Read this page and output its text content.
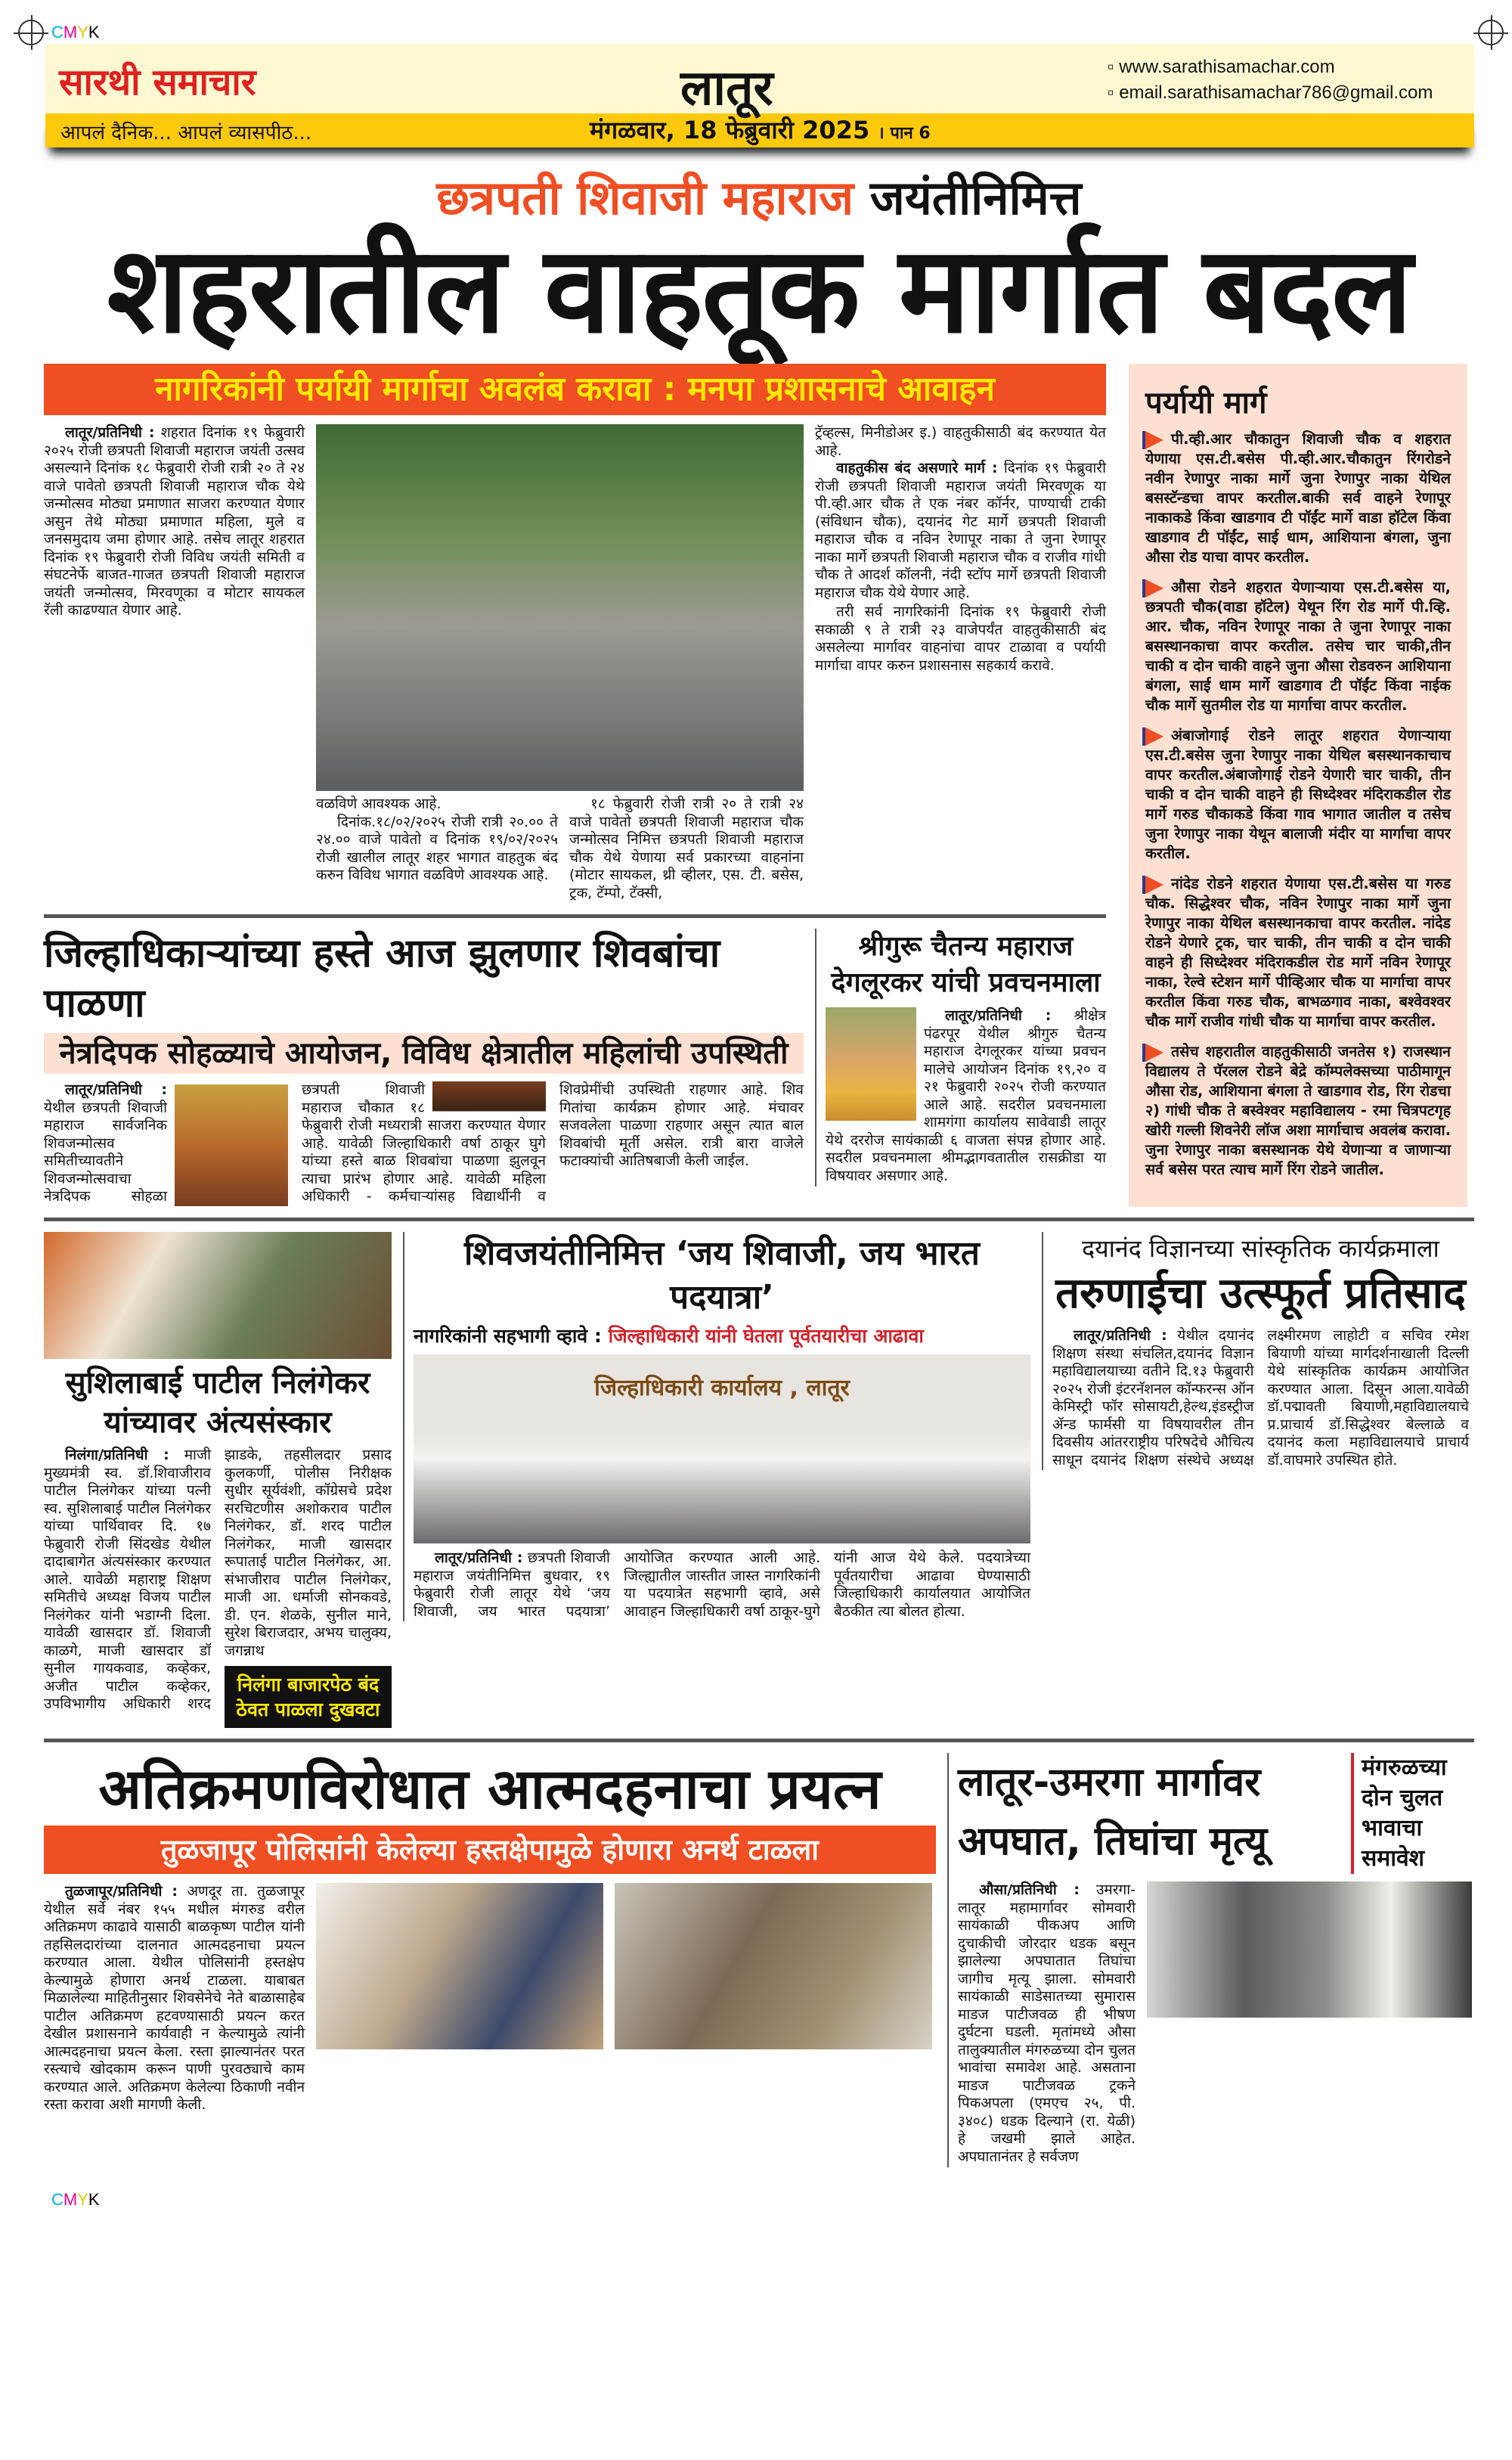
CMYK
सारथी समाचार	लातूर	▫ www.sarathisamachar.com
▫ email.sarathisamachar786@gmail.com
आपलं दैनिक... आपलं व्यासपीठ...	मंगळवार, 18 फेब्रुवारी 2025 । पान 6
छत्रपती शिवाजी महाराज जयंतीनिमित्त
शहरातील वाहतूक मार्गात बदल
नागरिकांनी पर्यायी मार्गाचा अवलंब करावा : मनपा प्रशासनाचे आवाहन

लातूर/प्रतिनिधी : शहरात दिनांक १९ फेब्रुवारी २०२५ रोजी छत्रपती शिवाजी महाराज जयंती उत्सव असल्याने दिनांक १८ फेब्रुवारी रोजी रात्री २० ते २४ वाजे पावेतो छत्रपती शिवाजी महाराज चौक येथे जन्मोत्सव मोठ्या प्रमाणात साजरा करण्यात येणार असुन तेथे मोठ्या प्रमाणात महिला, मुले व जनसमुदाय जमा होणार आहे. तसेच लातूर शहरात दिनांक १९ फेब्रुवारी रोजी विविध जयंती समिती व संघटनेर्फे बाजत-गाजत छत्रपती शिवाजी महाराज जयंती जन्मोत्सव, मिरवणूका व मोटार सायकल रॅली काढण्यात येणार आहे.

वळविणे आवश्यक आहे.

दिनांक.१८/०२/२०२५ रोजी रात्री २०.०० ते २४.०० वाजे पावेतो व दिनांक १९/०२/२०२५ रोजी खालील लातूर शहर भागात वाहतुक बंद करुन विविध भागात वळविणे आवश्यक आहे.

१८ फेब्रुवारी रोजी रात्री २० ते रात्री २४ वाजे पावेतो छत्रपती शिवाजी महाराज चौक जन्मोत्सव निमित्त छत्रपती शिवाजी महाराज चौक येथे येणाया सर्व प्रकारच्या वाहनांना (मोटार सायकल, थ्री व्हीलर, एस. टी. बसेस, ट्रक, टॅम्पो, टॅक्सी,

ट्रॅव्हल्स, मिनीडोअर इ.) वाहतुकीसाठी बंद करण्यात येत आहे.

वाहतुकीस बंद असणारे मार्ग : दिनांक १९ फेब्रुवारी रोजी छत्रपती शिवाजी महाराज जयंती मिरवणूक या पी.व्ही.आर चौक ते एक नंबर कॉर्नर, पाण्याची टाकी (संविधान चौक), दयानंद गेट मार्गे छत्रपती शिवाजी महाराज चौक व नविन रेणापूर नाका ते जुना रेणापूर नाका मार्गे छत्रपती शिवाजी महाराज चौक व राजीव गांधी चौक ते आदर्श कॉलनी, नंदी स्टॉप मार्गे छत्रपती शिवाजी महाराज चौक येथे येणार आहे.

तरी सर्व नागरिकांनी दिनांक १९ फेब्रुवारी रोजी सकाळी ९ ते रात्री २३ वाजेपर्यंत वाहतुकीसाठी बंद असलेल्या मार्गावर वाहनांचा वापर टाळावा व पर्यायी मार्गाचा वापर करुन प्रशासनास सहकार्य करावे.

जिल्हाधिकाऱ्यांच्या हस्ते आज झुलणार शिवबांचा पाळणा
नेत्रदिपक सोहळ्याचे आयोजन, विविध क्षेत्रातील महिलांची उपस्थिती

लातूर/प्रतिनिधी : येथील छत्रपती शिवाजी महाराज सार्वजनिक शिवजन्मोत्सव समितीच्यावतीने शिवजन्मोत्सवाचा नेत्रदिपक सोहळा छत्रपती शिवाजी महाराज चौकात १८ फेब्रुवारी रोजी मध्यरात्री साजरा करण्यात येणार आहे. यावेळी जिल्हाधिकारी वर्षा ठाकूर घुगे यांच्या हस्ते बाळ शिवबांचा पाळणा झुलवून त्याचा प्रारंभ होणार आहे. यावेळी महिला अधिकारी - कर्मचाऱ्यांसह विद्यार्थीनी व शिवप्रेमींची उपस्थिती राहणार आहे. शिव गितांचा कार्यक्रम होणार आहे. मंचावर सजवलेला पाळणा राहणार असून त्यात बाल शिवबांची मूर्ती असेल. रात्री बारा वाजेले फटाक्यांची आतिषबाजी केली जाईल.

श्रीगुरू चैतन्य महाराज देगलूरकर यांची प्रवचनमाला

लातूर/प्रतिनिधी : श्रीक्षेत्र पंढरपूर येथील श्रीगुरु चैतन्य महाराज देगलूरकर यांच्या प्रवचन मालेचे आयोजन दिनांक १९,२० व २१ फेब्रुवारी २०२५ रोजी करण्यात आले आहे. सदरील प्रवचनमाला शामगंगा कार्यालय सावेवाडी लातूर येथे दररोज सायंकाळी ६ वाजता संपन्न होणार आहे. सदरील प्रवचनमाला श्रीमद्भागवतातील रासक्रीडा या विषयावर असणार आहे.

पर्यायी मार्ग

पी.व्ही.आर चौकातुन शिवाजी चौक व शहरात येणाया एस.टी.बसेस पी.व्ही.आर.चौकातुन रिंगरोडने नवीन रेणापुर नाका मार्गे जुना रेणापुर नाका येथिल बसस्टॅन्डचा वापर करतील.बाकी सर्व वाहने रेणापूर नाकाकडे किंवा खाडगाव टी पॉईंट मार्गे वाडा हॉटेल किंवा खाडगाव टी पॉईंट, साई धाम, आशियाना बंगला, जुना औसा रोड याचा वापर करतील.

औसा रोडने शहरात येणाऱ्याया एस.टी.बसेस या, छत्रपती चौक(वाडा हॉटेल) येथून रिंग रोड मार्गे पी.व्हि. आर. चौक, नविन रेणापूर नाका ते जुना रेणापूर नाका बसस्थानकाचा वापर करतील. तसेच चार चाकी,तीन चाकी व दोन चाकी वाहने जुना औसा रोडवरुन आशियाना बंगला, साई धाम मार्गे खाडगाव टी पॉईंट किंवा नाईक चौक मार्गे सुतमील रोड या मार्गाचा वापर करतील.

अंबाजोगाई रोडने लातूर शहरात येणाऱ्याया एस.टी.बसेस जुना रेणापुर नाका येथिल बसस्थानकाचाच वापर करतील.अंबाजोगाई रोडने येणारी चार चाकी, तीन चाकी व दोन चाकी वाहने ही सिध्देश्वर मंदिराकडील रोड मार्गे गरुड चौकाकडे किंवा गाव भागात जातील व तसेच जुना रेणापुर नाका येथून बालाजी मंदीर या मार्गाचा वापर करतील.

नांदेड रोडने शहरात येणाया एस.टी.बसेस या गरुड चौक. सिद्धेश्वर चौक, नविन रेणापुर नाका मार्गे जुना रेणापुर नाका येथिल बसस्थानकाचा वापर करतील. नांदेड रोडने येणारे ट्रक, चार चाकी, तीन चाकी व दोन चाकी वाहने ही सिध्देश्वर मंदिराकडील रोड मार्गे नविन रेणापूर नाका, रेल्वे स्टेशन मार्गे पीव्हिआर चौक या मार्गाचा वापर करतील किंवा गरुड चौक, बाभळगाव नाका, बश्वेवश्वर चौक मार्गे राजीव गांधी चौक या मार्गाचा वापर करतील.

तसेच शहरातील वाहतुकीसाठी जनतेस १) राजस्थान विद्यालय ते पॅरलल रोडने बेद्रे कॉम्पलेक्सच्या पाठीमागून औसा रोड, आशियाना बंगला ते खाडगाव रोड, रिंग रोडचा २) गांधी चौक ते बस्वेश्वर महाविद्यालय - रमा चित्रपटगृह खोरी गल्ली शिवनेरी लॉज अशा मार्गाचाच अवलंब करावा. जुना रेणापुर नाका बसस्थानक येथे येणाऱ्या व जाणाऱ्या सर्व बसेस परत त्याच मार्गे रिंग रोडने जातील.

सुशिलाबाई पाटील निलंगेकर यांच्यावर अंत्यसंस्कार

निलंगा/प्रतिनिधी : माजी मुख्यमंत्री स्व. डॉ.शिवाजीराव पाटील निलंगेकर यांच्या पत्नी स्व. सुशिलाबाई पाटील निलंगेकर यांच्या पार्थिवावर दि. १७ फेब्रुवारी रोजी सिंदखेड येथील दादाबागेत अंत्यसंस्कार करण्यात आले. यावेळी महाराष्ट्र शिक्षण समितीचे अध्यक्ष विजय पाटील निलंगेकर यांनी भडाग्नी दिला. यावेळी खासदार डॉ. शिवाजी काळगे, माजी खासदार डॉ सुनील गायकवाड, कव्हेकर, अजीत पाटील कव्हेकर, उपविभागीय अधिकारी शरद झाडके, तहसीलदार प्रसाद कुलकर्णी, पोलीस निरीक्षक सुधीर सूर्यवंशी, कॉग्रेसचे प्रदेश सरचिटणीस अशोकराव पाटील निलंगेकर, डॉ. शरद पाटील निलंगेकर, माजी खासदार रूपाताई पाटील निलंगेकर, आ. संभाजीराव पाटील निलंगेकर, माजी आ. धर्माजी सोनकवडे, डी. एन. शेळके, सुनील माने, सुरेश बिराजदार, अभय चालुक्य, जगन्नाथ

निलंगा बाजारपेठ बंद ठेवत पाळला दुखवटा
शिवजयंतीनिमित्त ‘जय शिवाजी, जय भारत पदयात्रा’
नागरिकांनी सहभागी व्हावे : जिल्हाधिकारी यांनी घेतला पूर्वतयारीचा आढावा
जिल्हाधिकारी कार्यालय , लातूर

लातूर/प्रतिनिधी : छत्रपती शिवाजी महाराज जयंतीनिमित्त बुधवार, १९ फेब्रुवारी रोजी लातूर येथे ‘जय शिवाजी, जय भारत पदयात्रा’ आयोजित करण्यात आली आहे. जिल्ह्यातील जास्तीत जास्त नागरिकांनी या पदयात्रेत सहभागी व्हावे, असे आवाहन जिल्हाधिकारी वर्षा ठाकूर-घुगे यांनी आज येथे केले. पदयात्रेच्या पूर्वतयारीचा आढावा घेण्यासाठी जिल्हाधिकारी कार्यालयात आयोजित बैठकीत त्या बोलत होत्या.

दयानंद विज्ञानच्या सांस्कृतिक कार्यक्रमाला
तरुणाईचा उत्स्फूर्त प्रतिसाद

लातूर/प्रतिनिधी : येथील दयानंद शिक्षण संस्था संचलित,दयानंद विज्ञान महाविद्यालयाच्या वतीने दि.१३ फेब्रुवारी २०२५ रोजी इंटरनॅशनल कॉन्फरन्स ऑन केमिस्ट्री फॉर सोसायटी,हेल्थ,इंडस्ट्रीज ॲन्ड फार्मसी या विषयावरील तीन दिवसीय आंतरराष्ट्रीय परिषदेचे औचित्य साधून दयानंद शिक्षण संस्थेचे अध्यक्ष लक्ष्मीरमण लाहोटी व सचिव रमेश बियाणी यांच्या मार्गदर्शनाखाली दिल्ली येथे सांस्कृतिक कार्यक्रम आयोजित करण्यात आला. दिसून आला.यावेळी डॉ.पद्मावती बियाणी,महाविद्यालयाचे प्र.प्राचार्य डॉ.सिद्धेश्वर बेल्लाळे व दयानंद कला महाविद्यालयाचे प्राचार्य डॉ.वाघमारे उपस्थित होते.

अतिक्रमणविरोधात आत्मदहनाचा प्रयत्न
तुळजापूर पोलिसांनी केलेल्या हस्तक्षेपामुळे होणारा अनर्थ टाळला

तुळजापूर/प्रतिनिधी : अणदूर ता. तुळजापूर येथील सर्वे नंबर १५५ मधील मंगरुड वरील अतिक्रमण काढावे यासाठी बाळकृष्ण पाटील यांनी तहसिलदारांच्या दालनात आत्मदहनाचा प्रयत्न करण्यात आला. येथील पोलिसांनी हस्तक्षेप केल्यामुळे होणारा अनर्थ टाळला. याबाबत मिळालेल्या माहितीनुसार शिवसेनेचे नेते बाळासाहेब पाटील अतिक्रमण हटवण्यासाठी प्रयत्न करत देखील प्रशासनाने कार्यवाही न केल्यामुळे त्यांनी आत्मदहनाचा प्रयत्न केला. रस्ता झाल्यानंतर परत रस्त्याचे खोदकाम करून पाणी पुरवठ्याचे काम करण्यात आले. अतिक्रमण केलेल्या ठिकाणी नवीन रस्ता करावा अशी मागणी केली.

लातूर-उमरगा मार्गावर अपघात, तिघांचा मृत्यू
मंगरुळच्या दोन चुलत भावाचा समावेश

औसा/प्रतिनिधी : उमरगा-लातूर महामार्गावर सोमवारी सायंकाळी पीकअप आणि दुचाकीची जोरदार धडक बसून झालेल्या अपघातात तिघांचा जागीच मृत्यू झाला. सोमवारी सायंकाळी साडेसातच्या सुमारास माडज पाटीजवळ ही भीषण दुर्घटना घडली. मृतांमध्ये औसा तालुक्यातील मंगरुळच्या दोन चुलत भावांचा समावेश आहे. असताना माडज पाटीजवळ ट्रकने पिकअपला (एमएच २५, पी. ३४०८) धडक दिल्याने (रा. येळी) हे जखमी झाले आहेत. अपघातानंतर हे सर्वजण

CMYK
